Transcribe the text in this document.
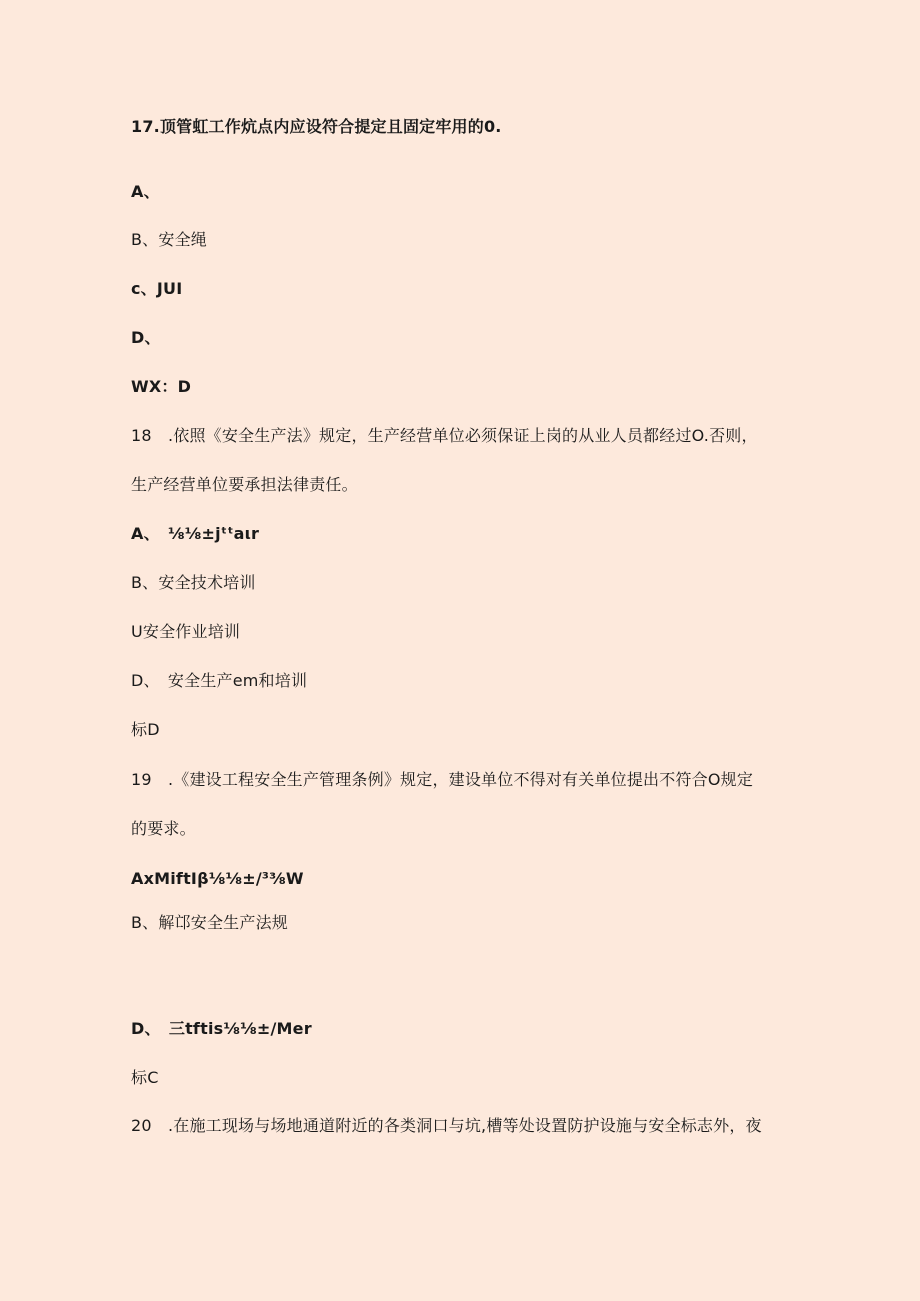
17.顶管虹工作炕点内应设符合提定且固定牢用的0.
A、
B、安全绳
c、JUI
D、
WX：D
18　.依照《安全生产法》规定，生产经营单位必须保证上岗的从业人员都经过O.否则，
生产经营单位要承担法律责任。
A、　⅛⅛±jᵗᵗaιr
B、安全技术培训
U安全作业培训
D、　安全生产em和培训
标D
19　.《建设工程安全生产管理条例》规定，建设单位不得对有关单位提出不符合O规定
的要求。
AxMiftIβ⅛⅛±/³⅜W
B、解邙安全生产法规
D、　三tftis⅛⅛±/Mer
标C
20　.在施工现场与场地通道附近的各类洞口与坑,槽等处设置防护设施与安全标志外，夜
